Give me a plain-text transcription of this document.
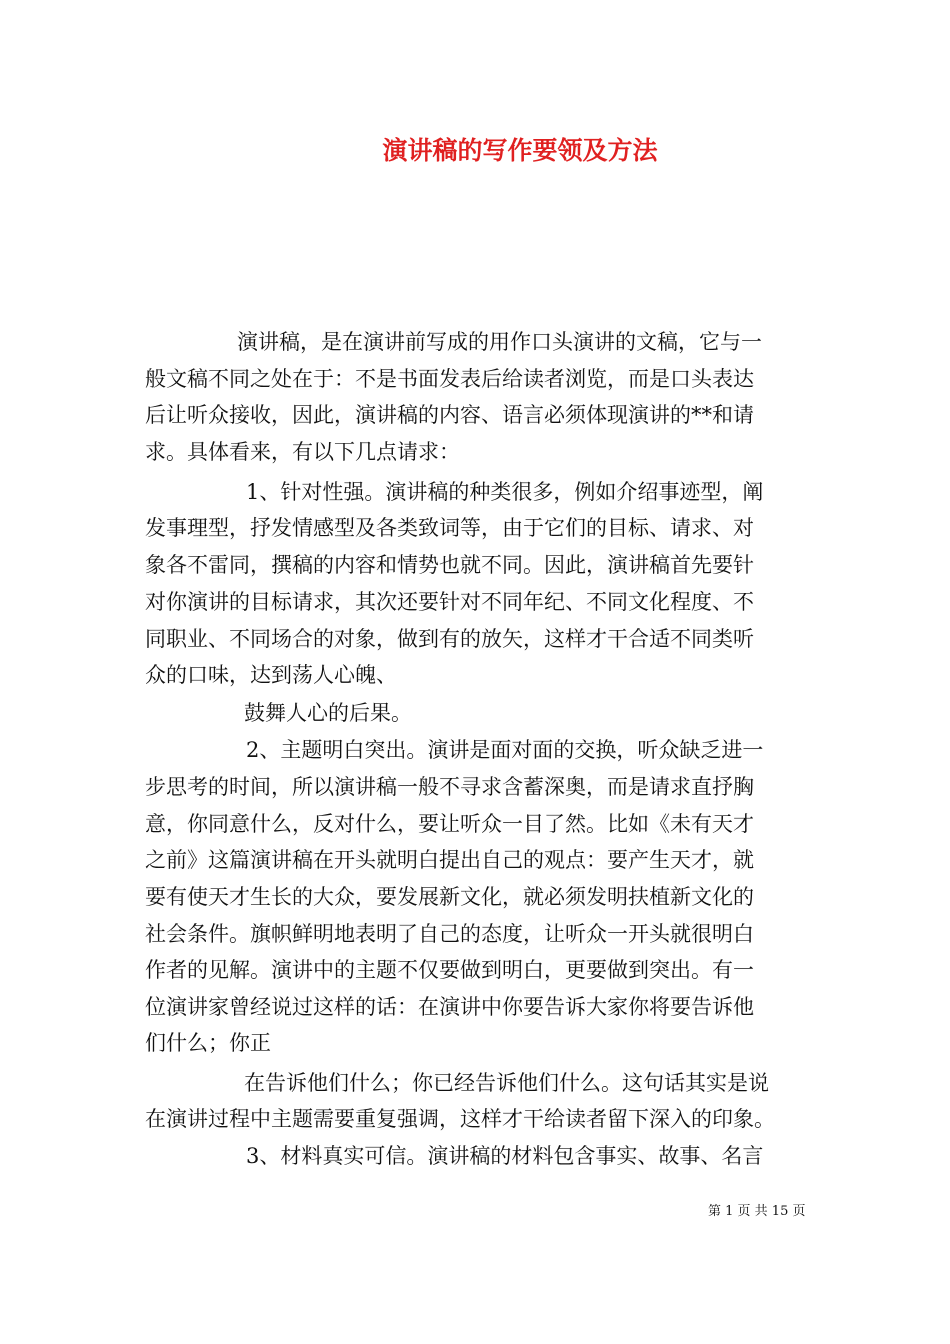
演讲稿的写作要领及方法
演讲稿，是在演讲前写成的用作口头演讲的文稿，它与一
般文稿不同之处在于：不是书面发表后给读者浏览，而是口头表达
后让听众接收，因此，演讲稿的内容、语言必须体现演讲的**和请
求。具体看来，有以下几点请求：
1、针对性强。演讲稿的种类很多，例如介绍事迹型，阐
发事理型，抒发情感型及各类致词等，由于它们的目标、请求、对
象各不雷同，撰稿的内容和情势也就不同。因此，演讲稿首先要针
对你演讲的目标请求，其次还要针对不同年纪、不同文化程度、不
同职业、不同场合的对象，做到有的放矢，这样才干合适不同类听
众的口味，达到荡人心魄、
鼓舞人心的后果。
2、主题明白突出。演讲是面对面的交换，听众缺乏进一
步思考的时间，所以演讲稿一般不寻求含蓄深奥，而是请求直抒胸
意，你同意什么，反对什么，要让听众一目了然。比如《未有天才
之前》这篇演讲稿在开头就明白提出自己的观点：要产生天才，就
要有使天才生长的大众，要发展新文化，就必须发明扶植新文化的
社会条件。旗帜鲜明地表明了自己的态度，让听众一开头就很明白
作者的见解。演讲中的主题不仅要做到明白，更要做到突出。有一
位演讲家曾经说过这样的话：在演讲中你要告诉大家你将要告诉他
们什么；你正
在告诉他们什么；你已经告诉他们什么。这句话其实是说
在演讲过程中主题需要重复强调，这样才干给读者留下深入的印象。
3、材料真实可信。演讲稿的材料包含事实、故事、名言
第 1 页 共 15 页
